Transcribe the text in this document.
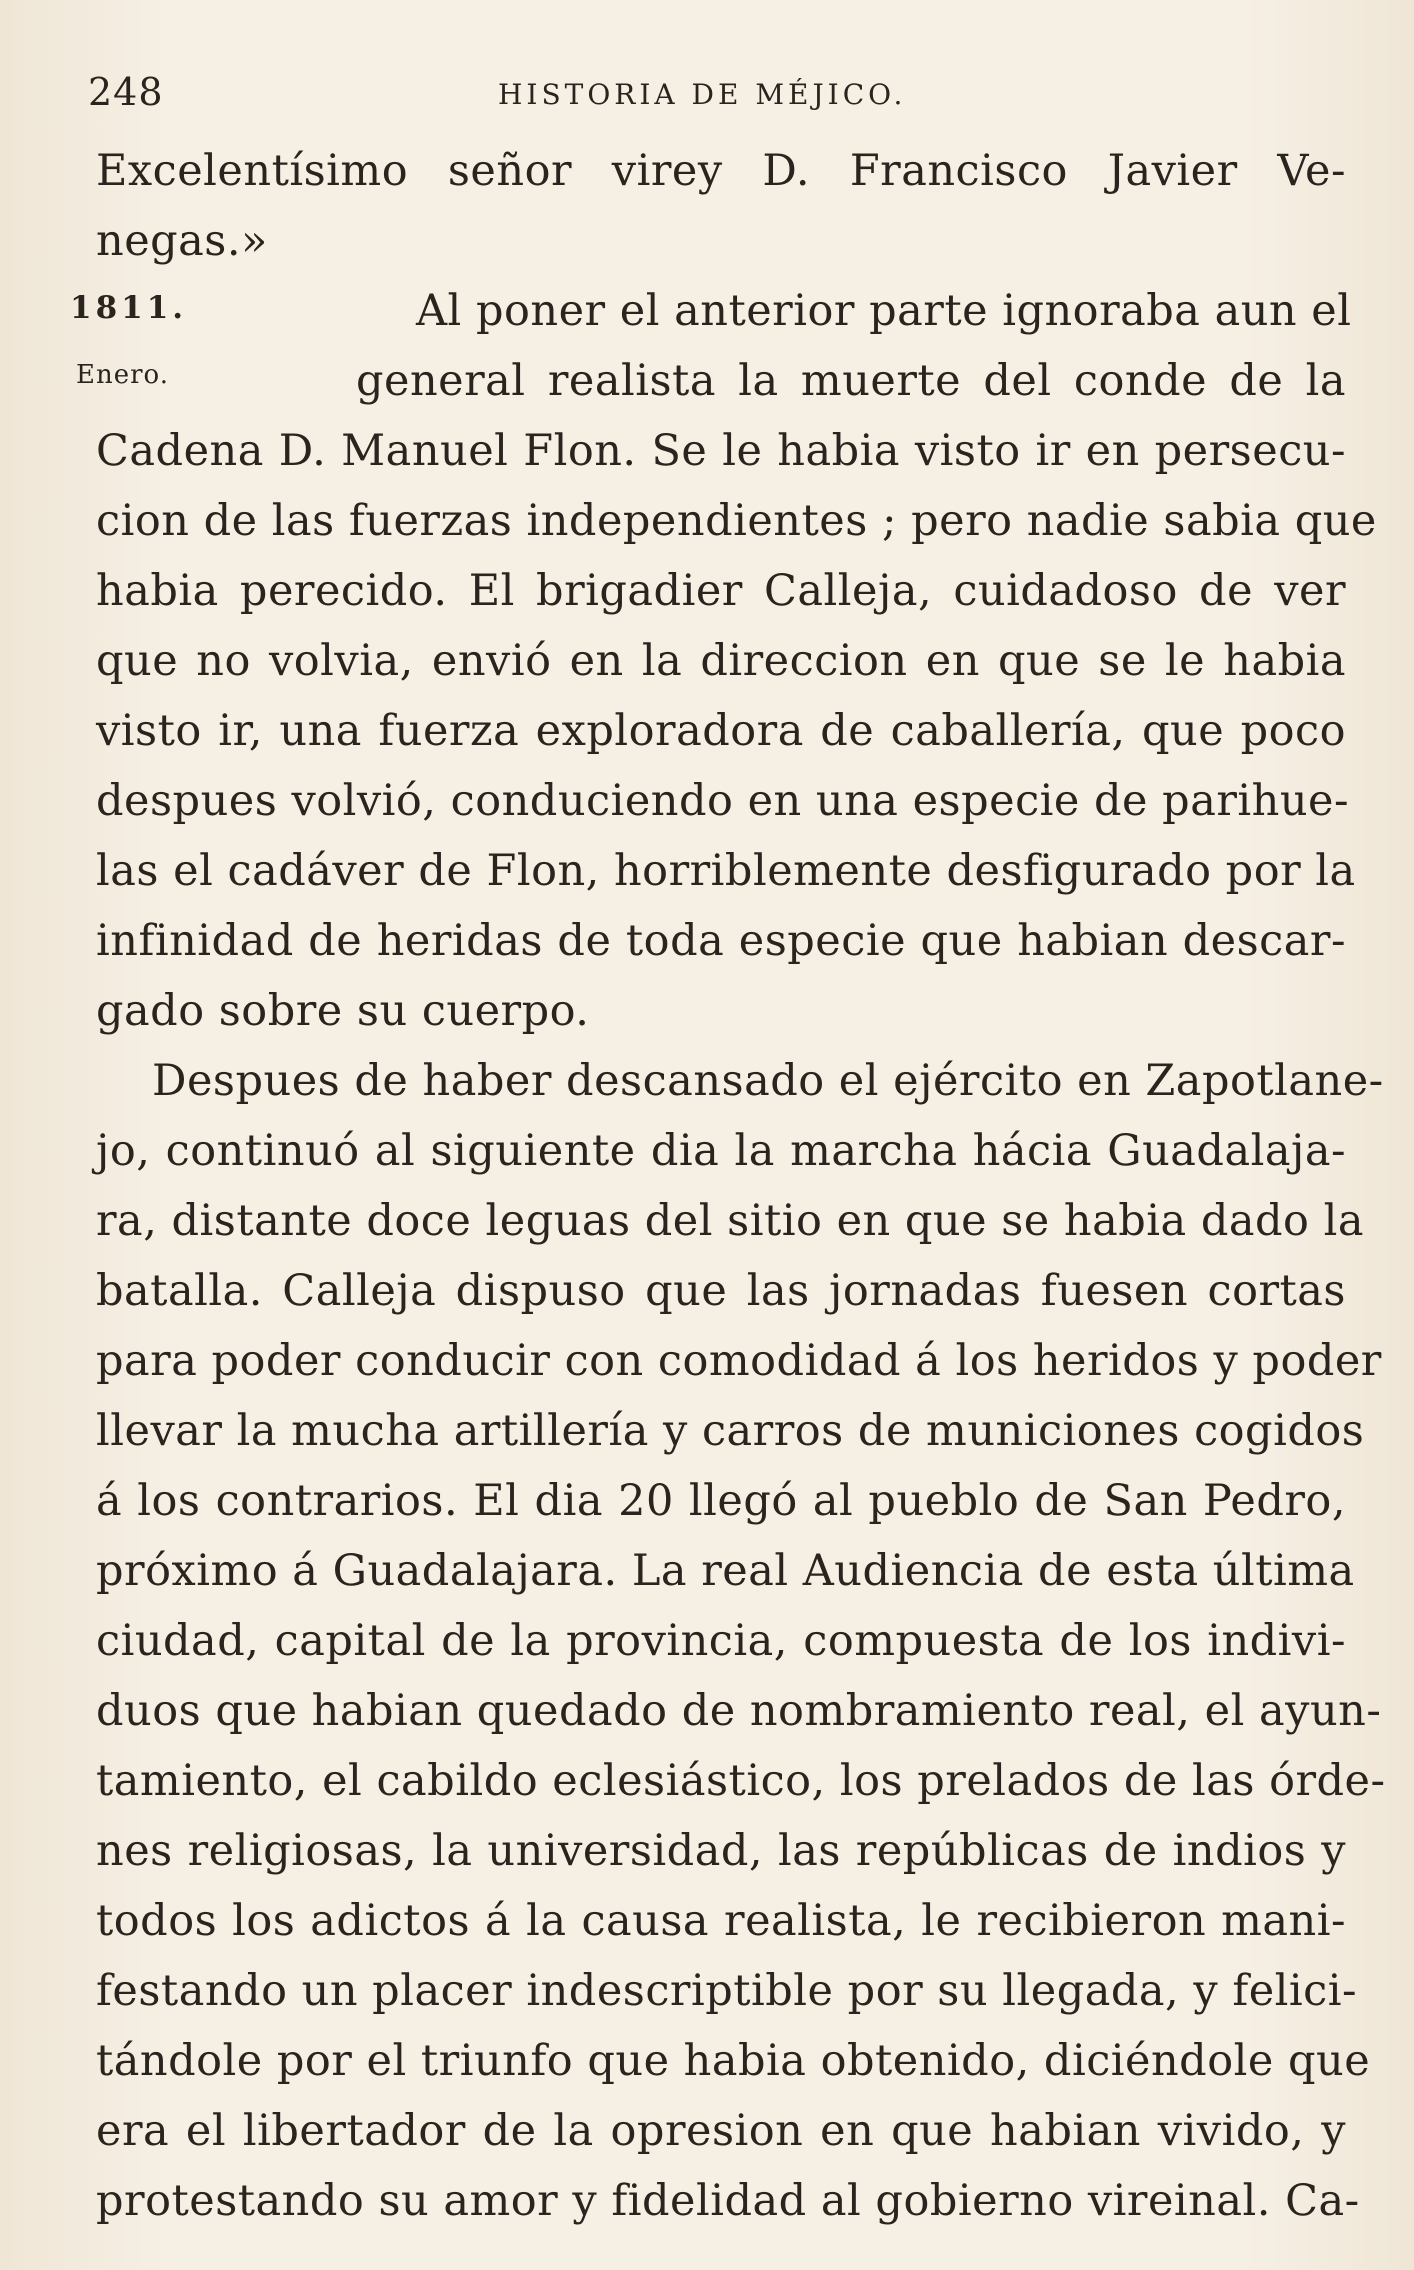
248	HISTORIA DE MÉJICO.
1811.
Enero.
Excelentísimo señor virey D. Francisco Javier Ve-
negas.»
Al poner el anterior parte ignoraba aun el
general realista la muerte del conde de la
Cadena D. Manuel Flon. Se le habia visto ir en persecu-
cion de las fuerzas independientes ; pero nadie sabia que
habia perecido. El brigadier Calleja, cuidadoso de ver
que no volvia, envió en la direccion en que se le habia
visto ir, una fuerza exploradora de caballería, que poco
despues volvió, conduciendo en una especie de parihue-
las el cadáver de Flon, horriblemente desfigurado por la
infinidad de heridas de toda especie que habian descar-
gado sobre su cuerpo.
Despues de haber descansado el ejército en Zapotlane-
jo, continuó al siguiente dia la marcha hácia Guadalaja-
ra, distante doce leguas del sitio en que se habia dado la
batalla. Calleja dispuso que las jornadas fuesen cortas
para poder conducir con comodidad á los heridos y poder
llevar la mucha artillería y carros de municiones cogidos
á los contrarios. El dia 20 llegó al pueblo de San Pedro,
próximo á Guadalajara. La real Audiencia de esta última
ciudad, capital de la provincia, compuesta de los indivi-
duos que habian quedado de nombramiento real, el ayun-
tamiento, el cabildo eclesiástico, los prelados de las órde-
nes religiosas, la universidad, las repúblicas de indios y
todos los adictos á la causa realista, le recibieron mani-
festando un placer indescriptible por su llegada, y felici-
tándole por el triunfo que habia obtenido, diciéndole que
era el libertador de la opresion en que habian vivido, y
protestando su amor y fidelidad al gobierno vireinal. Ca-
